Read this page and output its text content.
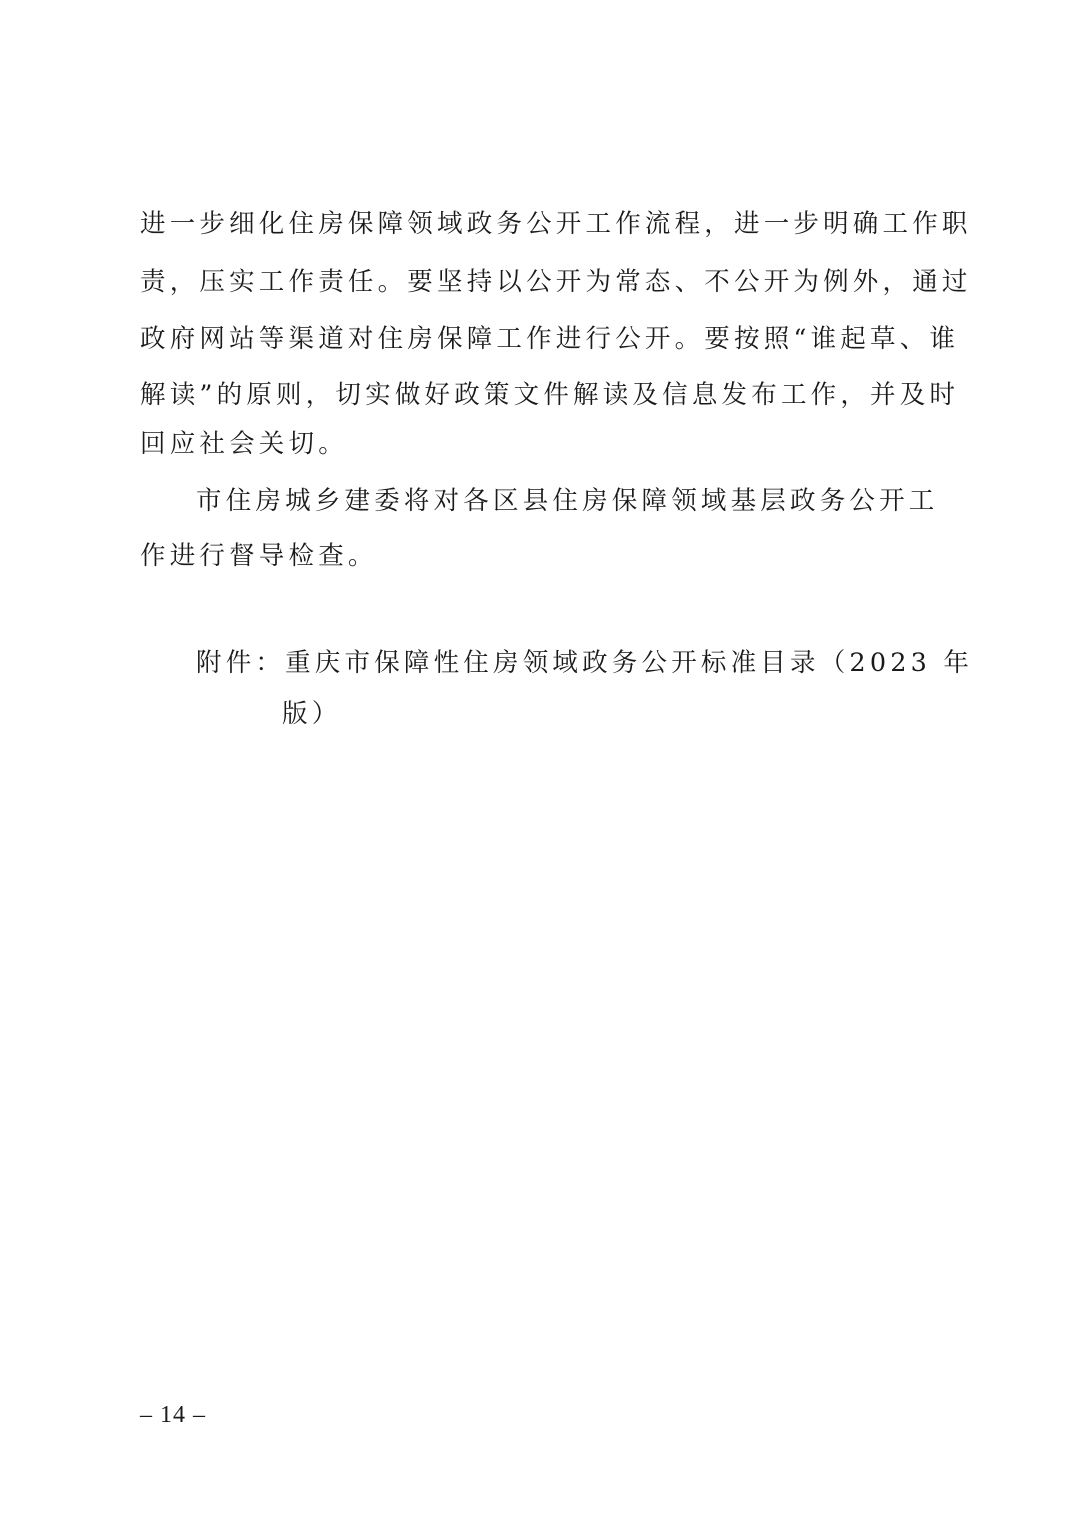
进一步细化住房保障领域政务公开工作流程，进一步明确工作职
责，压实工作责任。要坚持以公开为常态、不公开为例外，通过
政府网站等渠道对住房保障工作进行公开。要按照“谁起草、谁
解读”的原则，切实做好政策文件解读及信息发布工作，并及时
回应社会关切。
市住房城乡建委将对各区县住房保障领域基层政务公开工
作进行督导检查。
附件：重庆市保障性住房领域政务公开标准目录（2023 年
版）
– 14 –
